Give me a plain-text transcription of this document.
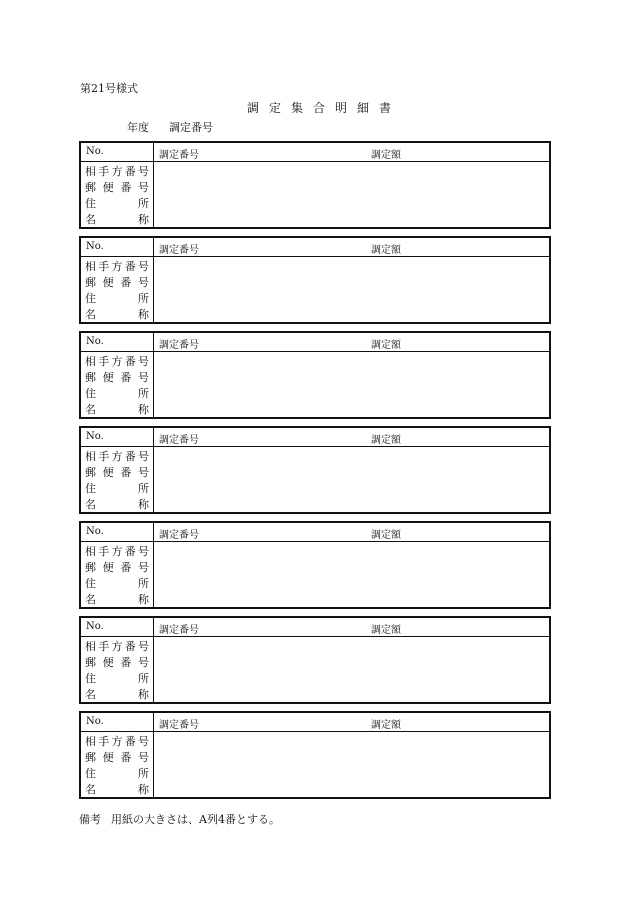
第21号様式
調 定 集 合 明 細 書
年度 調定番号
No.	調定番号	調定額
相 手 方 番 号
郵 便 番 号
住	所
名	称
No.	調定番号	調定額
相 手 方 番 号
郵 便 番 号
住	所
名	称
No.	調定番号	調定額
相 手 方 番 号
郵 便 番 号
住	所
名	称
No.	調定番号	調定額
相 手 方 番 号
郵 便 番 号
住	所
名	称
No.	調定番号	調定額
相 手 方 番 号
郵 便 番 号
住	所
名	称
No.	調定番号	調定額
相 手 方 番 号
郵 便 番 号
住	所
名	称
No.	調定番号	調定額
相 手 方 番 号
郵 便 番 号
住	所
名	称
備考 用紙の大きさは、A列4番とする。
